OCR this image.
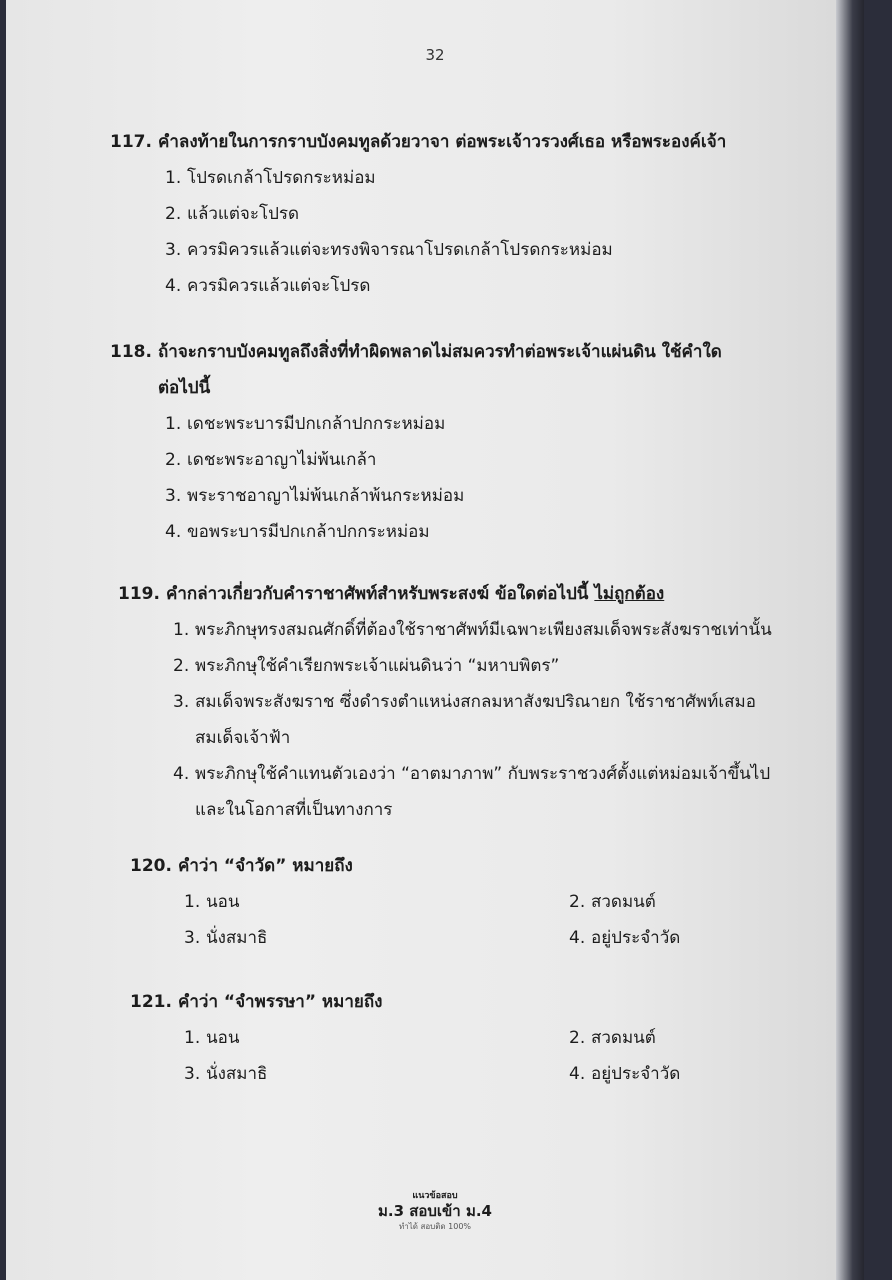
32
117. คำลงท้ายในการกราบบังคมทูลด้วยวาจา ต่อพระเจ้าวรวงศ์เธอ หรือพระองค์เจ้า
1. โปรดเกล้าโปรดกระหม่อม
2. แล้วแต่จะโปรด
3. ควรมิควรแล้วแต่จะทรงพิจารณาโปรดเกล้าโปรดกระหม่อม
4. ควรมิควรแล้วแต่จะโปรด
118. ถ้าจะกราบบังคมทูลถึงสิ่งที่ทำผิดพลาดไม่สมควรทำต่อพระเจ้าแผ่นดิน ใช้คำใด
ต่อไปนี้
1. เดชะพระบารมีปกเกล้าปกกระหม่อม
2. เดชะพระอาญาไม่พ้นเกล้า
3. พระราชอาญาไม่พ้นเกล้าพ้นกระหม่อม
4. ขอพระบารมีปกเกล้าปกกระหม่อม
119. คำกล่าวเกี่ยวกับคำราชาศัพท์สำหรับพระสงฆ์ ข้อใดต่อไปนี้ ไม่ถูกต้อง
1. พระภิกษุทรงสมณศักดิ์ที่ต้องใช้ราชาศัพท์มีเฉพาะเพียงสมเด็จพระสังฆราชเท่านั้น
2. พระภิกษุใช้คำเรียกพระเจ้าแผ่นดินว่า “มหาบพิตร”
3. สมเด็จพระสังฆราช ซึ่งดำรงตำแหน่งสกลมหาสังฆปริณายก ใช้ราชาศัพท์เสมอ
สมเด็จเจ้าฟ้า
4. พระภิกษุใช้คำแทนตัวเองว่า “อาตมาภาพ” กับพระราชวงศ์ตั้งแต่หม่อมเจ้าขึ้นไป
และในโอกาสที่เป็นทางการ
120. คำว่า “จำวัด” หมายถึง
1. นอน	2. สวดมนต์
3. นั่งสมาธิ	4. อยู่ประจำวัด
121. คำว่า “จำพรรษา” หมายถึง
1. นอน	2. สวดมนต์
3. นั่งสมาธิ	4. อยู่ประจำวัด
แนวข้อสอบ
ม.3 สอบเข้า ม.4
ทำได้ สอบติด 100%
